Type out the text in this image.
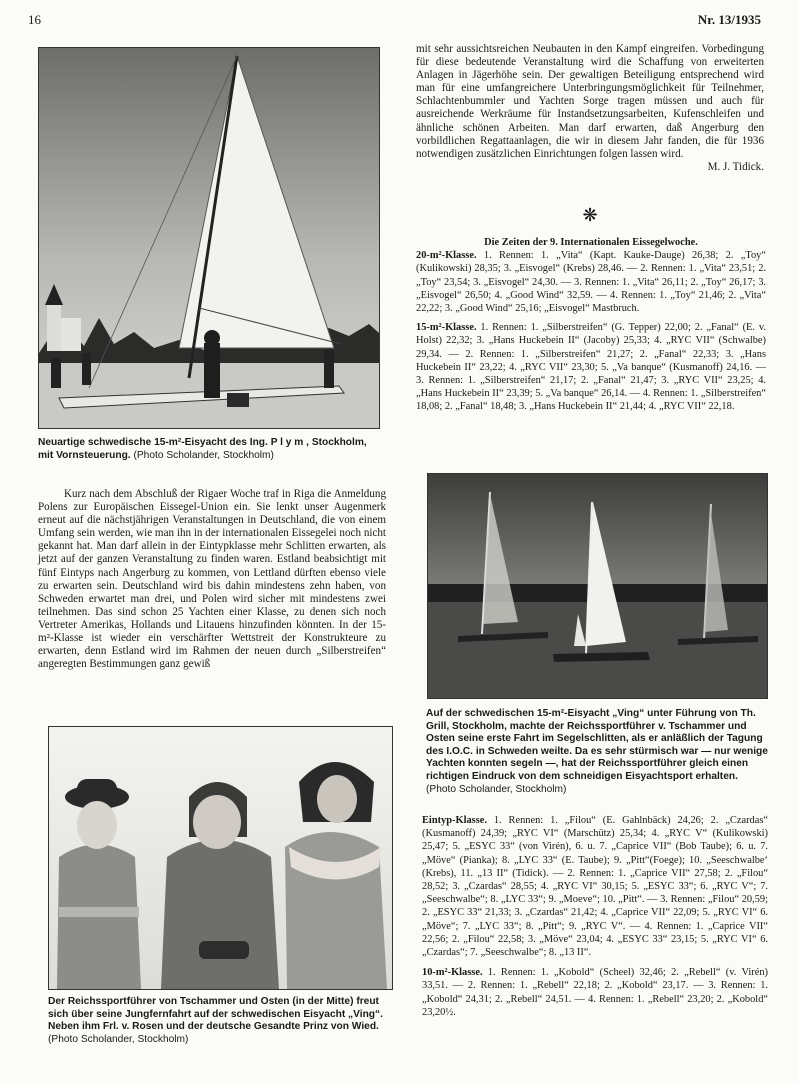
16	Nr. 13/1935
Neuartige schwedische 15-m²-Eisyacht des Ing. P l y m , Stockholm, mit Vornsteuerung. (Photo Scholander, Stockholm)

mit sehr aussichtsreichen Neubauten in den Kampf eingreifen. Vorbedingung für diese bedeutende Veranstaltung wird die Schaffung von erweiterten Anlagen in Jägerhöhe sein. Der gewaltigen Beteiligung entsprechend wird man für eine umfangreichere Unterbringungsmöglichkeit für Teilnehmer, Schlachtenbummler und Yachten Sorge tragen müssen und auch für ausreichende Werkräume für Instandsetzungsarbeiten, Kufenschleifen und ähnliche schönen Arbeiten. Man darf erwarten, daß Angerburg den vorbildlichen Regattaanlagen, die wir in diesem Jahr fanden, die für 1936 notwendigen zusätzlichen Einrichtungen folgen lassen wird.

M. J. Tidick.

❋

Die Zeiten der 9. Internationalen Eissegelwoche.

20-m²-Klasse. 1. Rennen: 1. „Vita“ (Kapt. Kauke-Dauge) 26,38; 2. „Toy“ (Kulikowski) 28,35; 3. „Eisvogel“ (Krebs) 28,46. — 2. Rennen: 1. „Vita“ 23,51; 2. „Toy“ 23,54; 3. „Eisvogel“ 24,30. — 3. Rennen: 1. „Vita“ 26,11; 2. „Toy“ 26,17; 3. „Eisvogel“ 26,50; 4. „Good Wind“ 32,59. — 4. Rennen: 1. „Toy“ 21,46; 2. „Vita“ 22,22; 3. „Good Wind“ 25,16; „Eisvogel“ Mastbruch.

15-m²-Klasse. 1. Rennen: 1. „Silberstreifen“ (G. Tepper) 22,00; 2. „Fanal“ (E. v. Holst) 22,32; 3. „Hans Huckebein II“ (Jacoby) 25,33; 4. „RYC VII“ (Schwalbe) 29,34. — 2. Rennen: 1. „Silberstreifen“ 21,27; 2. „Fanal“ 22,33; 3. „Hans Huckebein II“ 23,22; 4. „RYC VII“ 23,30; 5. „Va banque“ (Kusmanoff) 24,16. — 3. Rennen: 1. „Silberstreifen“ 21,17; 2. „Fanal“ 21,47; 3. „RYC VII“ 23,25; 4. „Hans Huckebein II“ 23,39; 5. „Va banque“ 26,14. — 4. Rennen: 1. „Silberstreifen“ 18,08; 2. „Fanal“ 18,48; 3. „Hans Huckebein II“ 21,44; 4. „RYC VII“ 22,18.

Kurz nach dem Abschluß der Rigaer Woche traf in Riga die Anmeldung Polens zur Europäischen Eissegel-Union ein. Sie lenkt unser Augenmerk erneut auf die nächstjährigen Veranstaltungen in Deutschland, die von einem Umfang sein werden, wie man ihn in der internationalen Eissegelei noch nicht gekannt hat. Man darf allein in der Eintypklasse mehr Schlitten erwarten, als jetzt auf der ganzen Veranstaltung zu finden waren. Estland beabsichtigt mit fünf Eintyps nach Angerburg zu kommen, von Lettland dürften ebenso viele zu erwarten sein. Deutschland wird bis dahin mindestens zehn haben, von Schweden erwartet man drei, und Polen wird sicher mit mindestens zwei teilnehmen. Das sind schon 25 Yachten einer Klasse, zu denen sich noch Vertreter Amerikas, Hollands und Litauens hinzufinden könnten. In der 15-m²-Klasse ist wieder ein verschärfter Wettstreit der Konstrukteure zu erwarten, denn Estland wird im Rahmen der neuen durch „Silberstreifen“ angeregten Bestimmungen ganz gewiß

Auf der schwedischen 15-m²-Eisyacht „Ving“ unter Führung von Th. Grill, Stockholm, machte der Reichssportführer v. Tschammer und Osten seine erste Fahrt im Segelschlitten, als er anläßlich der Tagung des I.O.C. in Schweden weilte. Da es sehr stürmisch war — nur wenige Yachten konnten segeln —, hat der Reichssportführer gleich einen richtigen Eindruck von dem schneidigen Eisyachtsport erhalten. (Photo Scholander, Stockholm)
Der Reichssportführer von Tschammer und Osten (in der Mitte) freut sich über seine Jungfernfahrt auf der schwedischen Eisyacht „Ving“. Neben ihm Frl. v. Rosen und der deutsche Gesandte Prinz von Wied. (Photo Scholander, Stockholm)

Eintyp-Klasse. 1. Rennen: 1. „Filou“ (E. Gahlnbäck) 24,26; 2. „Czardas“ (Kusmanoff) 24,39; „RYC VI“ (Marschütz) 25,34; 4. „RYC V“ (Kulikowski) 25,47; 5. „ESYC 33“ (von Virén), 6. u. 7. „Caprice VII“ (Bob Taube); 6. u. 7. „Möve“ (Pianka); 8. „LYC 33“ (E. Taube); 9. „Pitt“(Foege); 10. „Seeschwalbe‘ (Krebs), 11. „13 II“ (Tidick). — 2. Rennen: 1. „Caprice VII“ 27,58; 2. „Filou“ 28,52; 3. „Czardas“ 28,55; 4. „RYC VI“ 30,15; 5. „ESYC 33“; 6. „RYC V“; 7. „Seeschwalbe“; 8. „LYC 33“; 9. „Moeve“; 10. „Pitt“. — 3. Rennen: „Filou“ 20,59; 2. „ESYC 33“ 21,33; 3. „Czardas“ 21,42; 4. „Caprice VII“ 22,09; 5. „RYC VI“ 6. „Möve“; 7. „LYC 33“; 8. „Pitt“; 9. „RYC V“. — 4. Rennen: 1. „Caprice VII“ 22,56; 2. „Filou“ 22,58; 3. „Möve“ 23,04; 4. „ESYC 33“ 23,15; 5. „RYC VI“ 6. „Czardas“; 7. „Seeschwalbe“; 8. „13 II“.

10-m²-Klasse. 1. Rennen: 1. „Kobold“ (Scheel) 32,46; 2. „Rebell“ (v. Virén) 33,51. — 2. Rennen: 1. „Rebell“ 22,18; 2. „Kobold“ 23,17. — 3. Rennen: 1. „Kobold“ 24,31; 2. „Rebell“ 24,51. — 4. Rennen: 1. „Rebell“ 23,20; 2. „Kobold“ 23,20½.
